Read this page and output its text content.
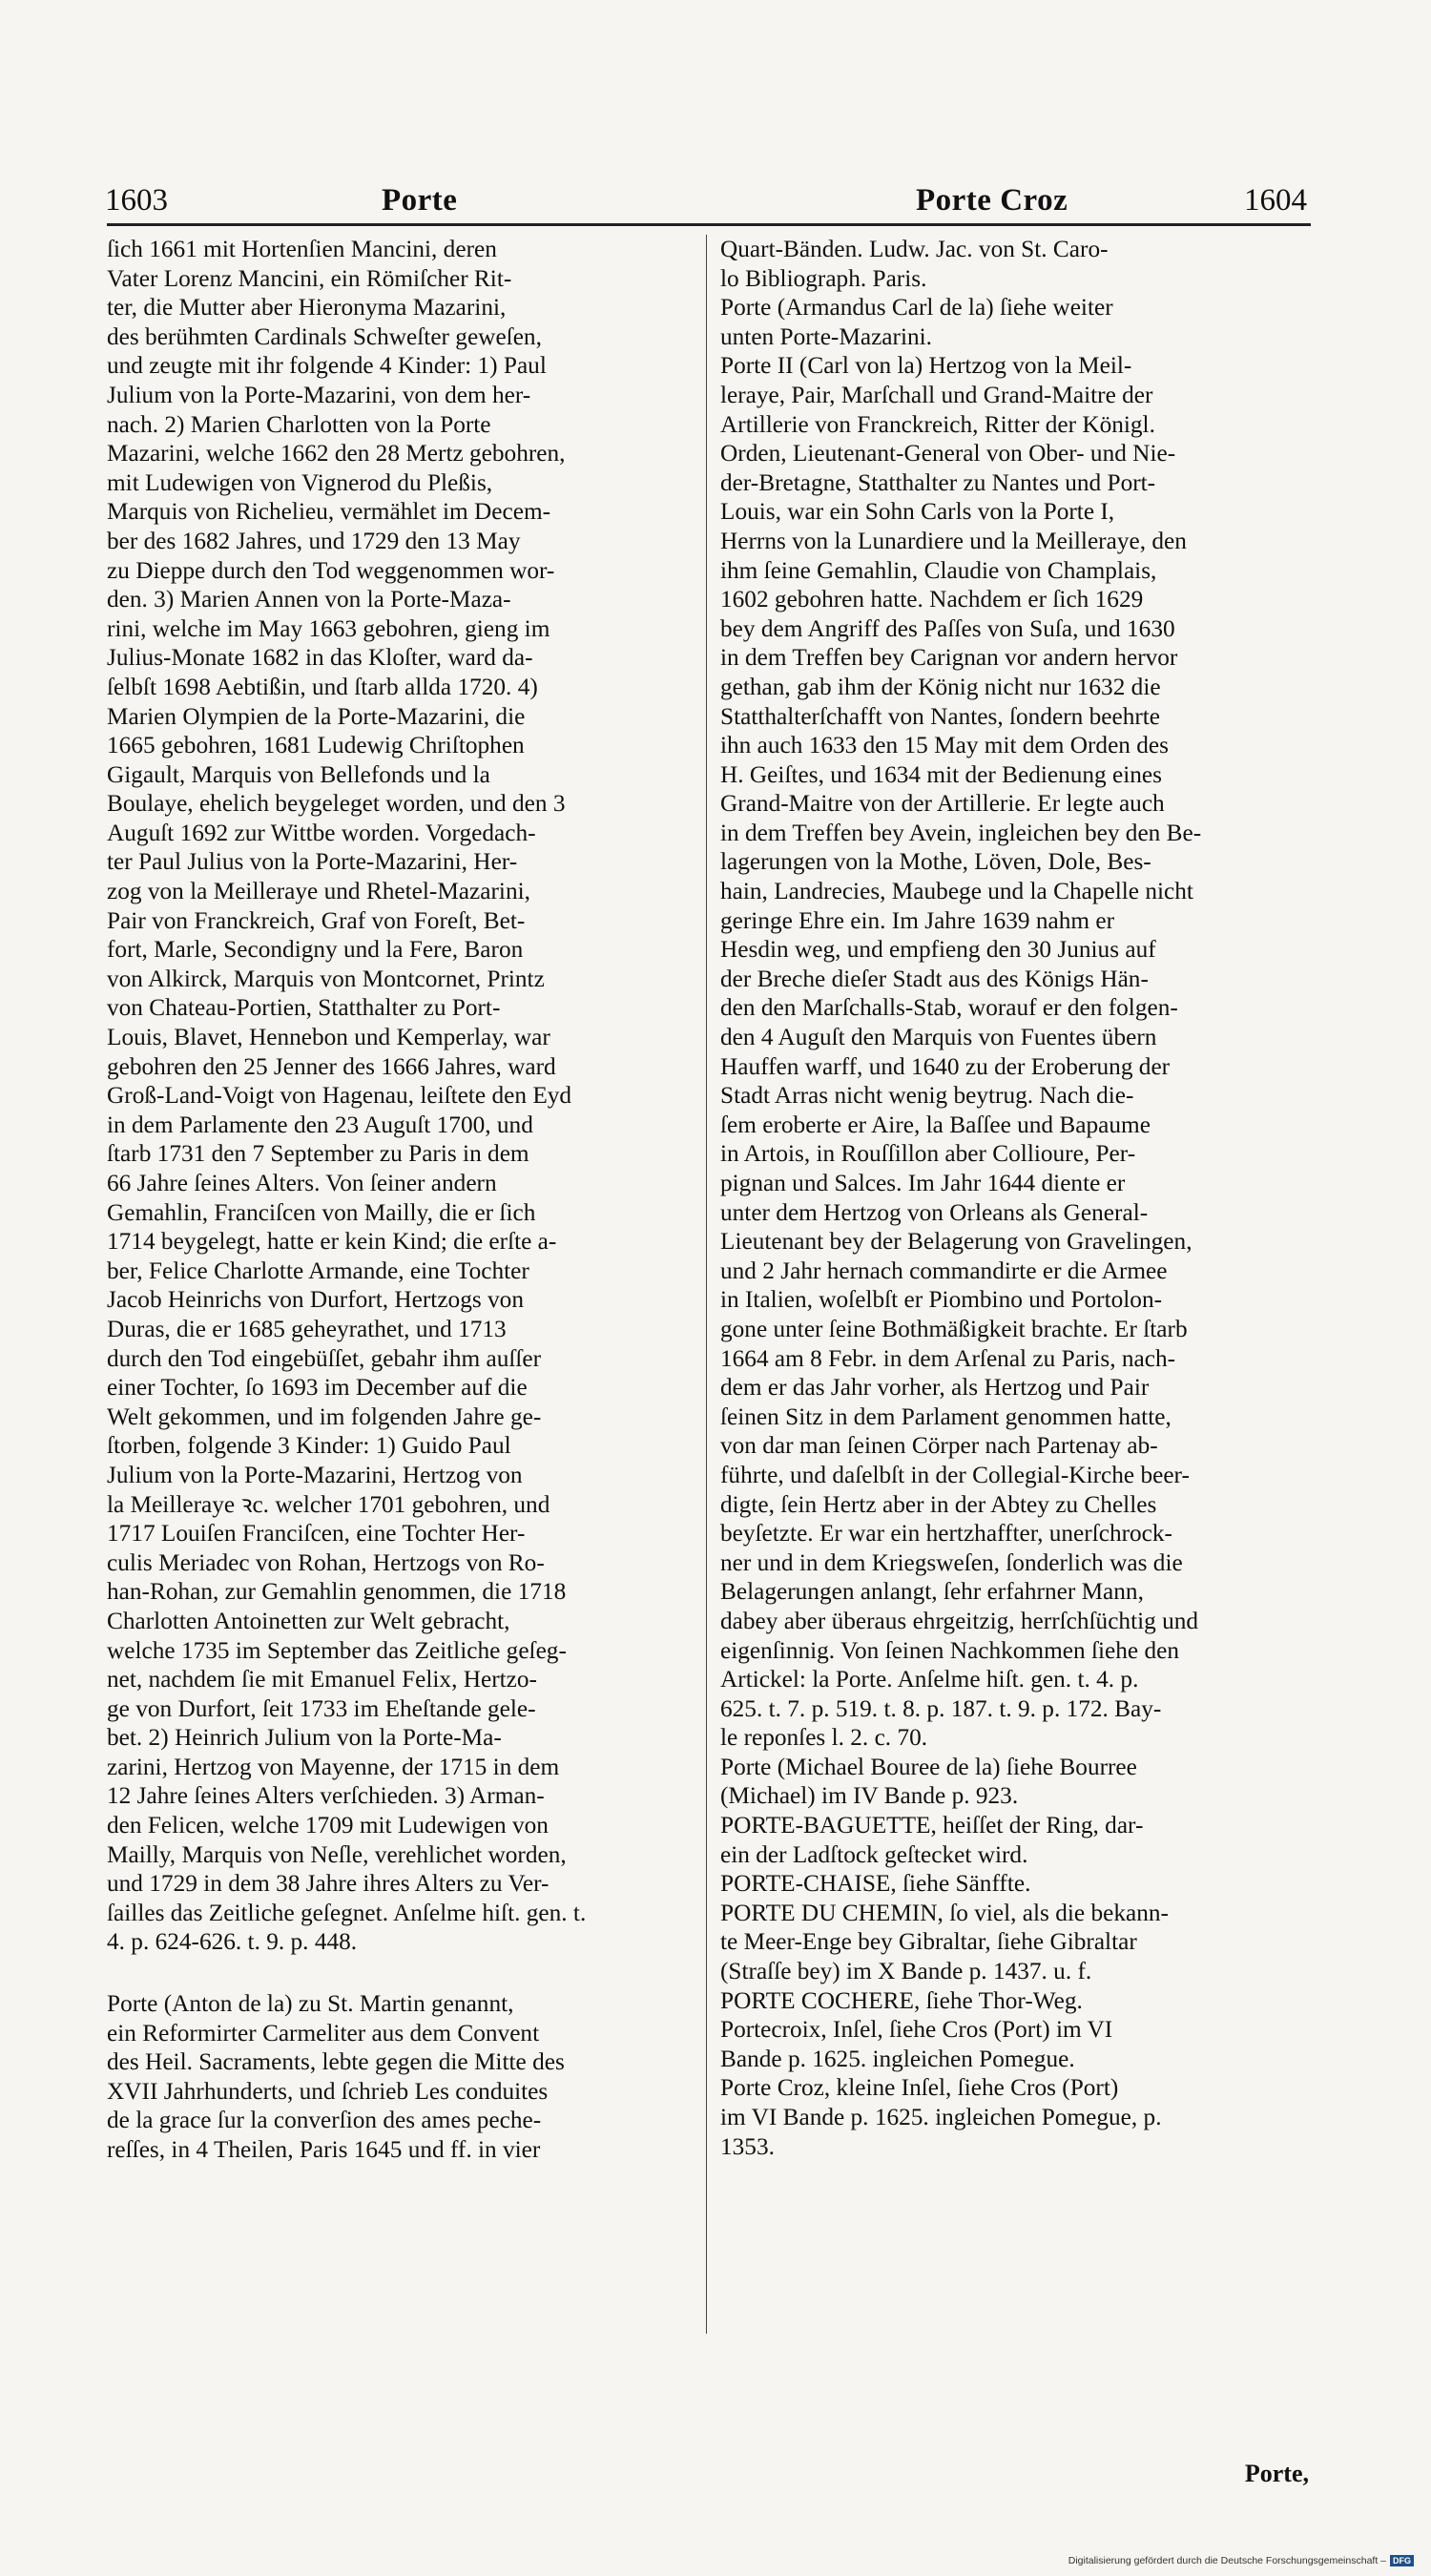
1603	Porte	Porte Croz	1604
ſich 1661 mit Hortenſien Mancini, deren
Vater Lorenz Mancini, ein Römiſcher Rit-
ter, die Mutter aber Hieronyma Mazarini,
des berühmten Cardinals Schweſter geweſen,
und zeugte mit ihr folgende 4 Kinder: 1) Paul
Julium von la Porte-Mazarini, von dem her-
nach. 2) Marien Charlotten von la Porte
Mazarini, welche 1662 den 28 Mertz gebohren,
mit Ludewigen von Vignerod du Pleßis,
Marquis von Richelieu, vermählet im Decem-
ber des 1682 Jahres, und 1729 den 13 May
zu Dieppe durch den Tod weggenommen wor-
den. 3) Marien Annen von la Porte-Maza-
rini, welche im May 1663 gebohren, gieng im
Julius-Monate 1682 in das Kloſter, ward da-
ſelbſt 1698 Aebtißin, und ſtarb allda 1720. 4)
Marien Olympien de la Porte-Mazarini, die
1665 gebohren, 1681 Ludewig Chriſtophen
Gigault, Marquis von Bellefonds und la
Boulaye, ehelich beygeleget worden, und den 3
Auguſt 1692 zur Wittbe worden. Vorgedach-
ter Paul Julius von la Porte-Mazarini, Her-
zog von la Meilleraye und Rhetel-Mazarini,
Pair von Franckreich, Graf von Foreſt, Bet-
fort, Marle, Secondigny und la Fere, Baron
von Alkirck, Marquis von Montcornet, Printz
von Chateau-Portien, Statthalter zu Port-
Louis, Blavet, Hennebon und Kemperlay, war
gebohren den 25 Jenner des 1666 Jahres, ward
Groß-Land-Voigt von Hagenau, leiſtete den Eyd
in dem Parlamente den 23 Auguſt 1700, und
ſtarb 1731 den 7 September zu Paris in dem
66 Jahre ſeines Alters. Von ſeiner andern
Gemahlin, Franciſcen von Mailly, die er ſich
1714 beygelegt, hatte er kein Kind; die erſte a-
ber, Felice Charlotte Armande, eine Tochter
Jacob Heinrichs von Durfort, Hertzogs von
Duras, die er 1685 geheyrathet, und 1713
durch den Tod eingebüſſet, gebahr ihm auſſer
einer Tochter, ſo 1693 im December auf die
Welt gekommen, und im folgenden Jahre ge-
ſtorben, folgende 3 Kinder: 1) Guido Paul
Julium von la Porte-Mazarini, Hertzog von
la Meilleraye ꝛc. welcher 1701 gebohren, und
1717 Louiſen Franciſcen, eine Tochter Her-
culis Meriadec von Rohan, Hertzogs von Ro-
han-Rohan, zur Gemahlin genommen, die 1718
Charlotten Antoinetten zur Welt gebracht,
welche 1735 im September das Zeitliche geſeg-
net, nachdem ſie mit Emanuel Felix, Hertzo-
ge von Durfort, ſeit 1733 im Eheſtande gele-
bet. 2) Heinrich Julium von la Porte-Ma-
zarini, Hertzog von Mayenne, der 1715 in dem
12 Jahre ſeines Alters verſchieden. 3) Arman-
den Felicen, welche 1709 mit Ludewigen von
Mailly, Marquis von Neſle, verehlichet worden,
und 1729 in dem 38 Jahre ihres Alters zu Ver-
ſailles das Zeitliche geſegnet. Anſelme hiſt. gen. t.
4. p. 624-626. t. 9. p. 448.
Porte (Anton de la) zu St. Martin genannt,
ein Reformirter Carmeliter aus dem Convent
des Heil. Sacraments, lebte gegen die Mitte des
XVII Jahrhunderts, und ſchrieb Les conduites
de la grace ſur la converſion des ames peche-
reſſes, in 4 Theilen, Paris 1645 und ff. in vier
Quart-Bänden. Ludw. Jac. von St. Caro-
lo Bibliograph. Paris.
Porte (Armandus Carl de la) ſiehe weiter
unten Porte-Mazarini.
Porte II (Carl von la) Hertzog von la Meil-
leraye, Pair, Marſchall und Grand-Maitre der
Artillerie von Franckreich, Ritter der Königl.
Orden, Lieutenant-General von Ober- und Nie-
der-Bretagne, Statthalter zu Nantes und Port-
Louis, war ein Sohn Carls von la Porte I,
Herrns von la Lunardiere und la Meilleraye, den
ihm ſeine Gemahlin, Claudie von Champlais,
1602 gebohren hatte. Nachdem er ſich 1629
bey dem Angriff des Paſſes von Suſa, und 1630
in dem Treffen bey Carignan vor andern hervor
gethan, gab ihm der König nicht nur 1632 die
Statthalterſchafft von Nantes, ſondern beehrte
ihn auch 1633 den 15 May mit dem Orden des
H. Geiſtes, und 1634 mit der Bedienung eines
Grand-Maitre von der Artillerie. Er legte auch
in dem Treffen bey Avein, ingleichen bey den Be-
lagerungen von la Mothe, Löven, Dole, Bes-
hain, Landrecies, Maubege und la Chapelle nicht
geringe Ehre ein. Im Jahre 1639 nahm er
Hesdin weg, und empfieng den 30 Junius auf
der Breche dieſer Stadt aus des Königs Hän-
den den Marſchalls-Stab, worauf er den folgen-
den 4 Auguſt den Marquis von Fuentes übern
Hauffen warff, und 1640 zu der Eroberung der
Stadt Arras nicht wenig beytrug. Nach die-
ſem eroberte er Aire, la Baſſee und Bapaume
in Artois, in Rouſſillon aber Collioure, Per-
pignan und Salces. Im Jahr 1644 diente er
unter dem Hertzog von Orleans als General-
Lieutenant bey der Belagerung von Gravelingen,
und 2 Jahr hernach commandirte er die Armee
in Italien, woſelbſt er Piombino und Portolon-
gone unter ſeine Bothmäßigkeit brachte. Er ſtarb
1664 am 8 Febr. in dem Arſenal zu Paris, nach-
dem er das Jahr vorher, als Hertzog und Pair
ſeinen Sitz in dem Parlament genommen hatte,
von dar man ſeinen Cörper nach Partenay ab-
führte, und daſelbſt in der Collegial-Kirche beer-
digte, ſein Hertz aber in der Abtey zu Chelles
beyſetzte. Er war ein hertzhaffter, unerſchrock-
ner und in dem Kriegsweſen, ſonderlich was die
Belagerungen anlangt, ſehr erfahrner Mann,
dabey aber überaus ehrgeitzig, herrſchſüchtig und
eigenſinnig. Von ſeinen Nachkommen ſiehe den
Artickel: la Porte. Anſelme hiſt. gen. t. 4. p.
625. t. 7. p. 519. t. 8. p. 187. t. 9. p. 172. Bay-
le reponſes l. 2. c. 70.
Porte (Michael Bouree de la) ſiehe Bourree
(Michael) im IV Bande p. 923.
PORTE-BAGUETTE, heiſſet der Ring, dar-
ein der Ladſtock geſtecket wird.
PORTE-CHAISE, ſiehe Sänffte.
PORTE DU CHEMIN, ſo viel, als die bekann-
te Meer-Enge bey Gibraltar, ſiehe Gibraltar
(Straſſe bey) im X Bande p. 1437. u. f.
PORTE COCHERE, ſiehe Thor-Weg.
Portecroix, Inſel, ſiehe Cros (Port) im VI
Bande p. 1625. ingleichen Pomegue.
Porte Croz, kleine Inſel, ſiehe Cros (Port)
im VI Bande p. 1625. ingleichen Pomegue, p.
1353.
Porte,
Digitalisierung gefördert durch die Deutsche Forschungsgemeinschaft – DFG
